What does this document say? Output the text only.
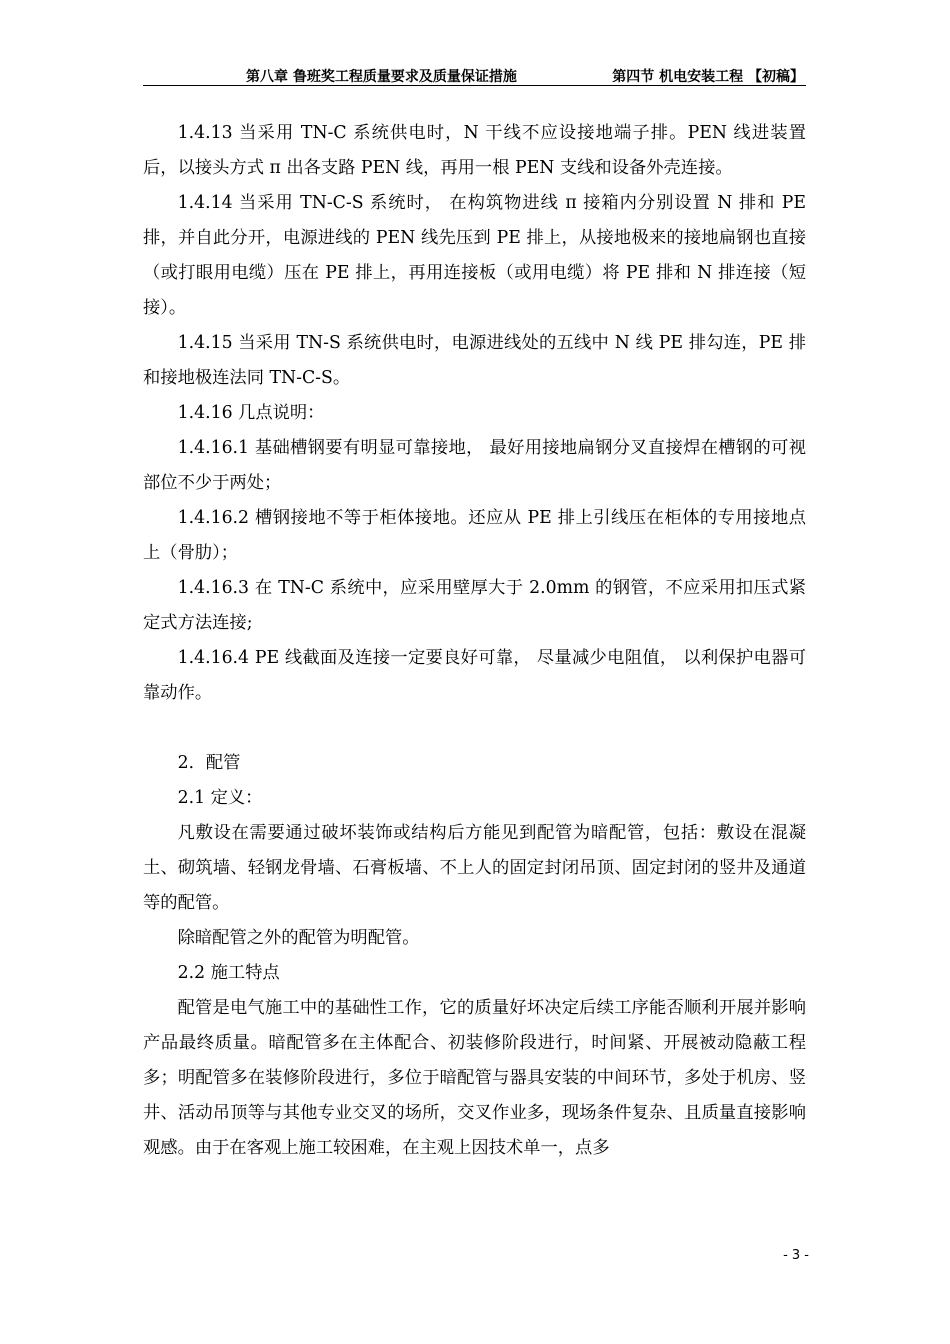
第八章 鲁班奖工程质量要求及质量保证措施	第四节 机电安装工程 【初稿】

1.4.13 当采用 TN-C 系统供电时，N 干线不应设接地端子排。PEN 线进装置后，以接头方式 π 出各支路 PEN 线，再用一根 PEN 支线和设备外壳连接。

1.4.14 当采用 TN-C-S 系统时， 在构筑物进线 π 接箱内分别设置 N 排和 PE 排，并自此分开，电源进线的 PEN 线先压到 PE 排上，从接地极来的接地扁钢也直接（或打眼用电缆）压在 PE 排上，再用连接板（或用电缆）将 PE 排和 N 排连接（短接）。

1.4.15 当采用 TN-S 系统供电时，电源进线处的五线中 N 线 PE 排勾连，PE 排和接地极连法同 TN-C-S。

1.4.16 几点说明：

1.4.16.1 基础槽钢要有明显可靠接地， 最好用接地扁钢分叉直接焊在槽钢的可视部位不少于两处；

1.4.16.2 槽钢接地不等于柜体接地。还应从 PE 排上引线压在柜体的专用接地点上（骨肋）；

1.4.16.3 在 TN-C 系统中，应采用壁厚大于 2.0mm 的钢管，不应采用扣压式紧定式方法连接;

1.4.16.4 PE 线截面及连接一定要良好可靠， 尽量减少电阻值， 以利保护电器可靠动作。

2．配管

2.1 定义：

凡敷设在需要通过破坏装饰或结构后方能见到配管为暗配管，包括：敷设在混凝土、砌筑墙、轻钢龙骨墙、石膏板墙、不上人的固定封闭吊顶、固定封闭的竖井及通道等的配管。

除暗配管之外的配管为明配管。

2.2 施工特点

配管是电气施工中的基础性工作，它的质量好坏决定后续工序能否顺利开展并影响产品最终质量。暗配管多在主体配合、初装修阶段进行，时间紧、开展被动隐蔽工程多；明配管多在装修阶段进行，多位于暗配管与器具安装的中间环节，多处于机房、竖井、活动吊顶等与其他专业交叉的场所，交叉作业多，现场条件复杂、且质量直接影响观感。由于在客观上施工较困难，在主观上因技术单一，点多

- 3 -
